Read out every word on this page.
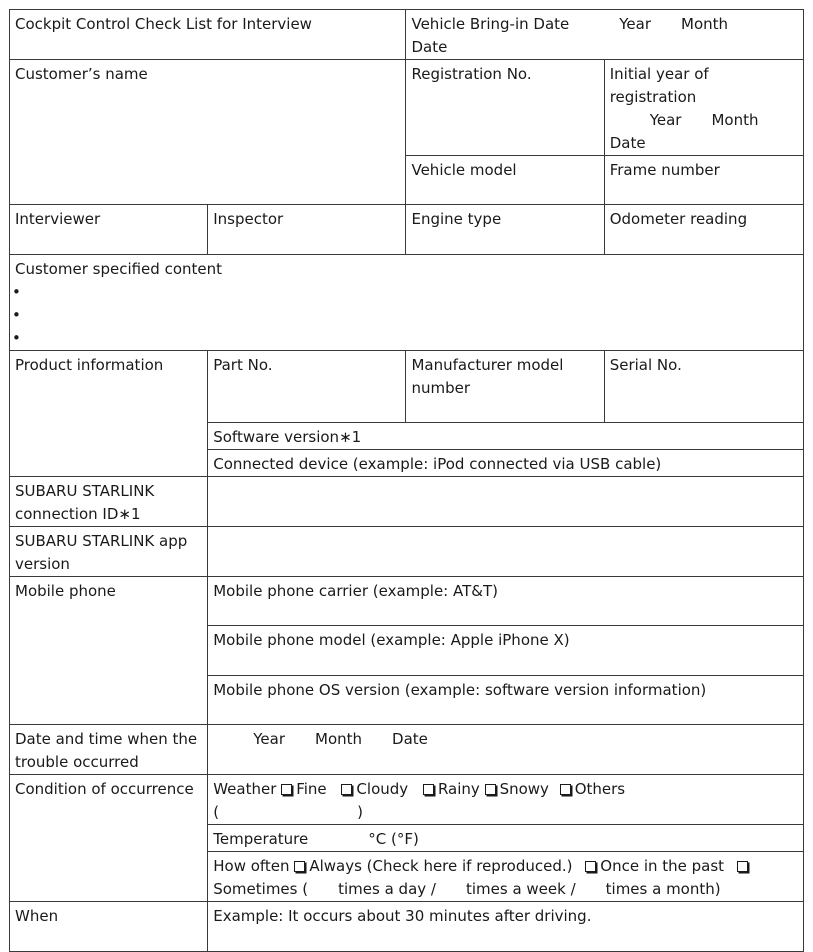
Cockpit Control Check List for Interview		Vehicle Bring-in Date Year Month
Date	
Customer’s name		Registration No.	Initial year of registration
Year Month
Date
		Vehicle model	Frame number
Interviewer	Inspector	Engine type	Odometer reading
Customer specified content
•
•
•			

Product information	Part No.	Manufacturer model number	Serial No.
	Software version∗1		
	Connected device (example: iPod connected via USB cable)		
SUBARU STARLINK connection ID∗1			
SUBARU STARLINK app version			
Mobile phone	Mobile phone carrier (example: AT&T)		
	Mobile phone model (example: Apple iPhone X)		
	Mobile phone OS version (example: software version information)		
Date and time when the trouble occurred	Year Month Date		
Condition of occurrence	Weather Fine Cloudy Rainy Snowy Others
( )		
	Temperature °C (°F)		
	How often Always (Check here if reproduced.) Once in the past
Sometimes ( times a day / times a week / times a month)		
When	Example: It occurs about 30 minutes after driving.		
